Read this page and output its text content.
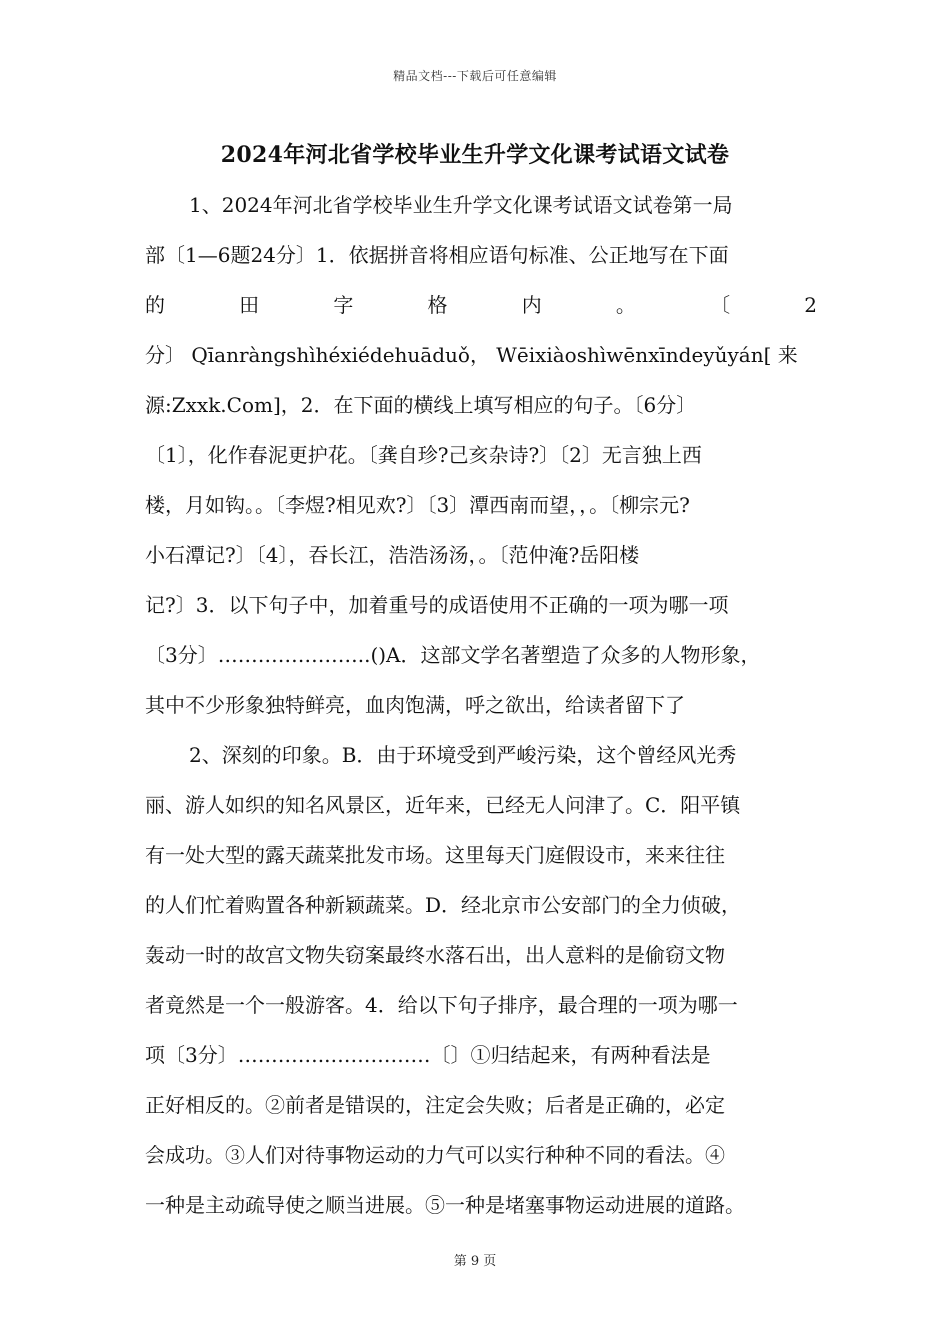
精品文档---下载后可任意编辑
2024年河北省学校毕业生升学文化课考试语文试卷
1、2024年河北省学校毕业生升学文化课考试语文试卷第一局
部〔1—6题24分〕1．依据拼音将相应语句标准、公正地写在下面
的 田 字 格 内 。 〔 2
分〕 Qīanràngshìhéxiédehuāduǒ， Wēixiàoshìwēnxīndeyǔyán[ 来
源:Zxxk.Com]，2．在下面的横线上填写相应的句子。〔6分〕
〔1〕，化作春泥更护花。〔龚自珍?己亥杂诗?〕〔2〕无言独上西
楼，月如钩。。〔李煜?相见欢?〕〔3〕潭西南而望，，。〔柳宗元?
小石潭记?〕〔4〕，吞长江，浩浩汤汤，。〔范仲淹?岳阳楼
记?〕3．以下句子中，加着重号的成语使用不正确的一项为哪一项
〔3分〕…………………..()A．这部文学名著塑造了众多的人物形象，
其中不少形象独特鲜亮，血肉饱满，呼之欲出，给读者留下了
2、深刻的印象。B．由于环境受到严峻污染，这个曾经风光秀
丽、游人如织的知名风景区，近年来，已经无人问津了。C．阳平镇
有一处大型的露天蔬菜批发市场。这里每天门庭假设市，来来往往
的人们忙着购置各种新颖蔬菜。D．经北京市公安部门的全力侦破，
轰动一时的故宫文物失窃案最终水落石出，出人意料的是偷窃文物
者竟然是一个一般游客。4．给以下句子排序，最合理的一项为哪一
项〔3分〕…………..……………〔〕①归结起来，有两种看法是
正好相反的。②前者是错误的，注定会失败；后者是正确的，必定
会成功。③人们对待事物运动的力气可以实行种种不同的看法。④
一种是主动疏导使之顺当进展。⑤一种是堵塞事物运动进展的道路。
第 9 页
